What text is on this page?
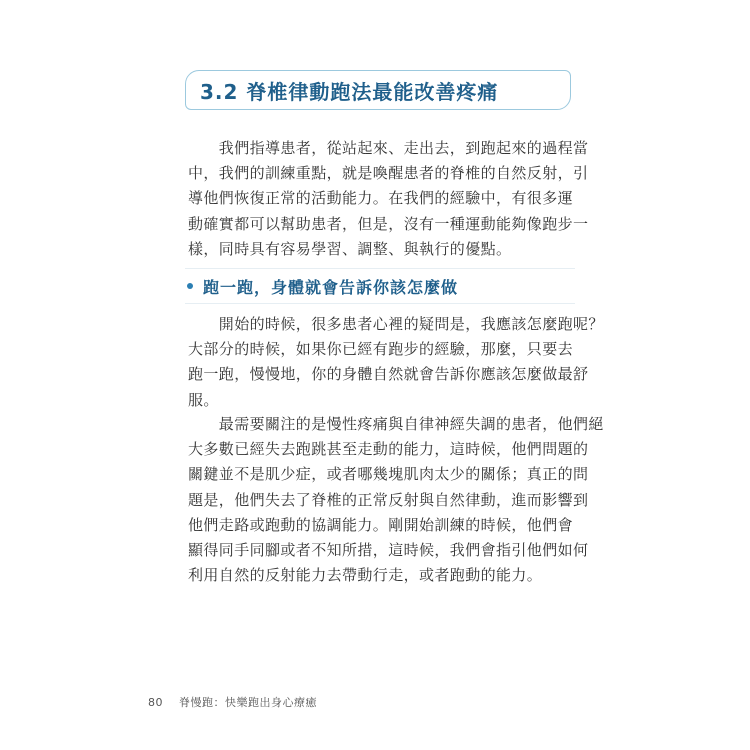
3.2 脊椎律動跑法最能改善疼痛
　　我們指導患者，從站起來、走出去，到跑起來的過程當
中，我們的訓練重點，就是喚醒患者的脊椎的自然反射，引
導他們恢復正常的活動能力。在我們的經驗中，有很多運
動確實都可以幫助患者，但是，沒有一種運動能夠像跑步一
樣，同時具有容易學習、調整、與執行的優點。
跑一跑，身體就會告訴你該怎麼做
　　開始的時候，很多患者心裡的疑問是，我應該怎麼跑呢？
大部分的時候，如果你已經有跑步的經驗，那麼，只要去
跑一跑，慢慢地，你的身體自然就會告訴你應該怎麼做最舒
服。
　　最需要關注的是慢性疼痛與自律神經失調的患者，他們絕
大多數已經失去跑跳甚至走動的能力，這時候，他們問題的
關鍵並不是肌少症，或者哪幾塊肌肉太少的關係；真正的問
題是，他們失去了脊椎的正常反射與自然律動，進而影響到
他們走路或跑動的協調能力。剛開始訓練的時候，他們會
顯得同手同腳或者不知所措，這時候，我們會指引他們如何
利用自然的反射能力去帶動行走，或者跑動的能力。
80 脊慢跑：快樂跑出身心療癒
